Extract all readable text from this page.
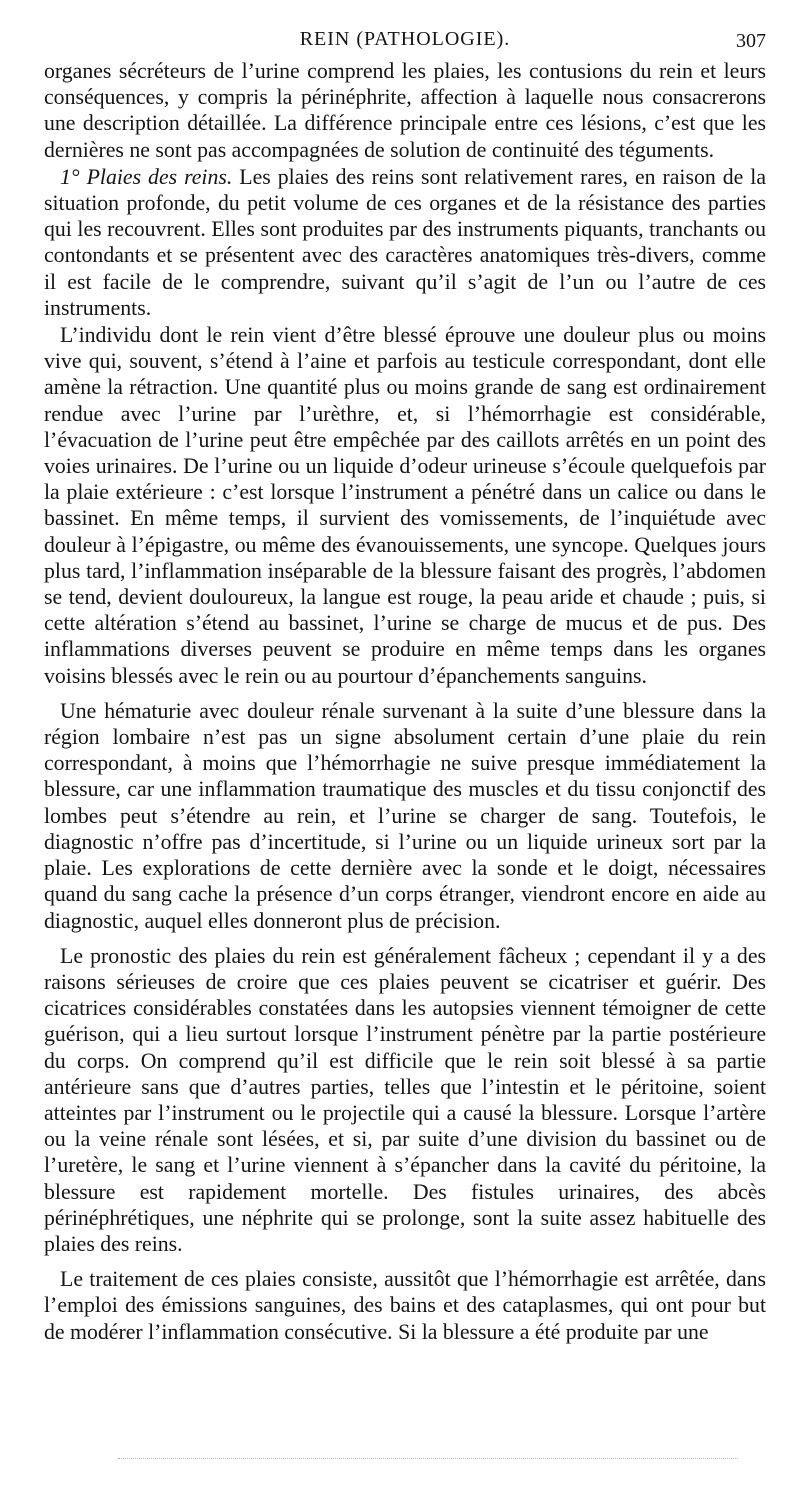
REIN (PATHOLOGIE).	307

organes sécréteurs de l’urine comprend les plaies, les contusions du rein et leurs conséquences, y compris la périnéphrite, affection à laquelle nous consacrerons une description détaillée. La différence principale entre ces lésions, c’est que les dernières ne sont pas accompagnées de solution de continuité des téguments.

1° Plaies des reins. Les plaies des reins sont relativement rares, en raison de la situation profonde, du petit volume de ces organes et de la résistance des parties qui les recouvrent. Elles sont produites par des instruments piquants, tranchants ou contondants et se présentent avec des caractères anatomiques très-divers, comme il est facile de le comprendre, suivant qu’il s’agit de l’un ou l’autre de ces instruments.

L’individu dont le rein vient d’être blessé éprouve une douleur plus ou moins vive qui, souvent, s’étend à l’aine et parfois au testicule correspondant, dont elle amène la rétraction. Une quantité plus ou moins grande de sang est ordinairement rendue avec l’urine par l’urèthre, et, si l’hémorrhagie est considérable, l’évacuation de l’urine peut être empêchée par des caillots arrêtés en un point des voies urinaires. De l’urine ou un liquide d’odeur urineuse s’écoule quelquefois par la plaie extérieure : c’est lorsque l’instrument a pénétré dans un calice ou dans le bassinet. En même temps, il survient des vomissements, de l’inquiétude avec douleur à l’épigastre, ou même des évanouissements, une syncope. Quelques jours plus tard, l’inflammation inséparable de la blessure faisant des progrès, l’abdomen se tend, devient douloureux, la langue est rouge, la peau aride et chaude ; puis, si cette altération s’étend au bassinet, l’urine se charge de mucus et de pus. Des inflammations diverses peuvent se produire en même temps dans les organes voisins blessés avec le rein ou au pourtour d’épanchements sanguins.

Une hématurie avec douleur rénale survenant à la suite d’une blessure dans la région lombaire n’est pas un signe absolument certain d’une plaie du rein correspondant, à moins que l’hémorrhagie ne suive presque immédiatement la blessure, car une inflammation traumatique des muscles et du tissu conjonctif des lombes peut s’étendre au rein, et l’urine se charger de sang. Toutefois, le diagnostic n’offre pas d’incertitude, si l’urine ou un liquide urineux sort par la plaie. Les explorations de cette dernière avec la sonde et le doigt, nécessaires quand du sang cache la présence d’un corps étranger, viendront encore en aide au diagnostic, auquel elles donneront plus de précision.

Le pronostic des plaies du rein est généralement fâcheux ; cependant il y a des raisons sérieuses de croire que ces plaies peuvent se cicatriser et guérir. Des cicatrices considérables constatées dans les autopsies viennent témoigner de cette guérison, qui a lieu surtout lorsque l’instrument pénètre par la partie postérieure du corps. On comprend qu’il est difficile que le rein soit blessé à sa partie antérieure sans que d’autres parties, telles que l’intestin et le péritoine, soient atteintes par l’instrument ou le projectile qui a causé la blessure. Lorsque l’artère ou la veine rénale sont lésées, et si, par suite d’une division du bassinet ou de l’uretère, le sang et l’urine viennent à s’épancher dans la cavité du péritoine, la blessure est rapidement mortelle. Des fistules urinaires, des abcès périnéphrétiques, une néphrite qui se prolonge, sont la suite assez habituelle des plaies des reins.

Le traitement de ces plaies consiste, aussitôt que l’hémorrhagie est arrêtée, dans l’emploi des émissions sanguines, des bains et des cataplasmes, qui ont pour but de modérer l’inflammation consécutive. Si la blessure a été produite par une
